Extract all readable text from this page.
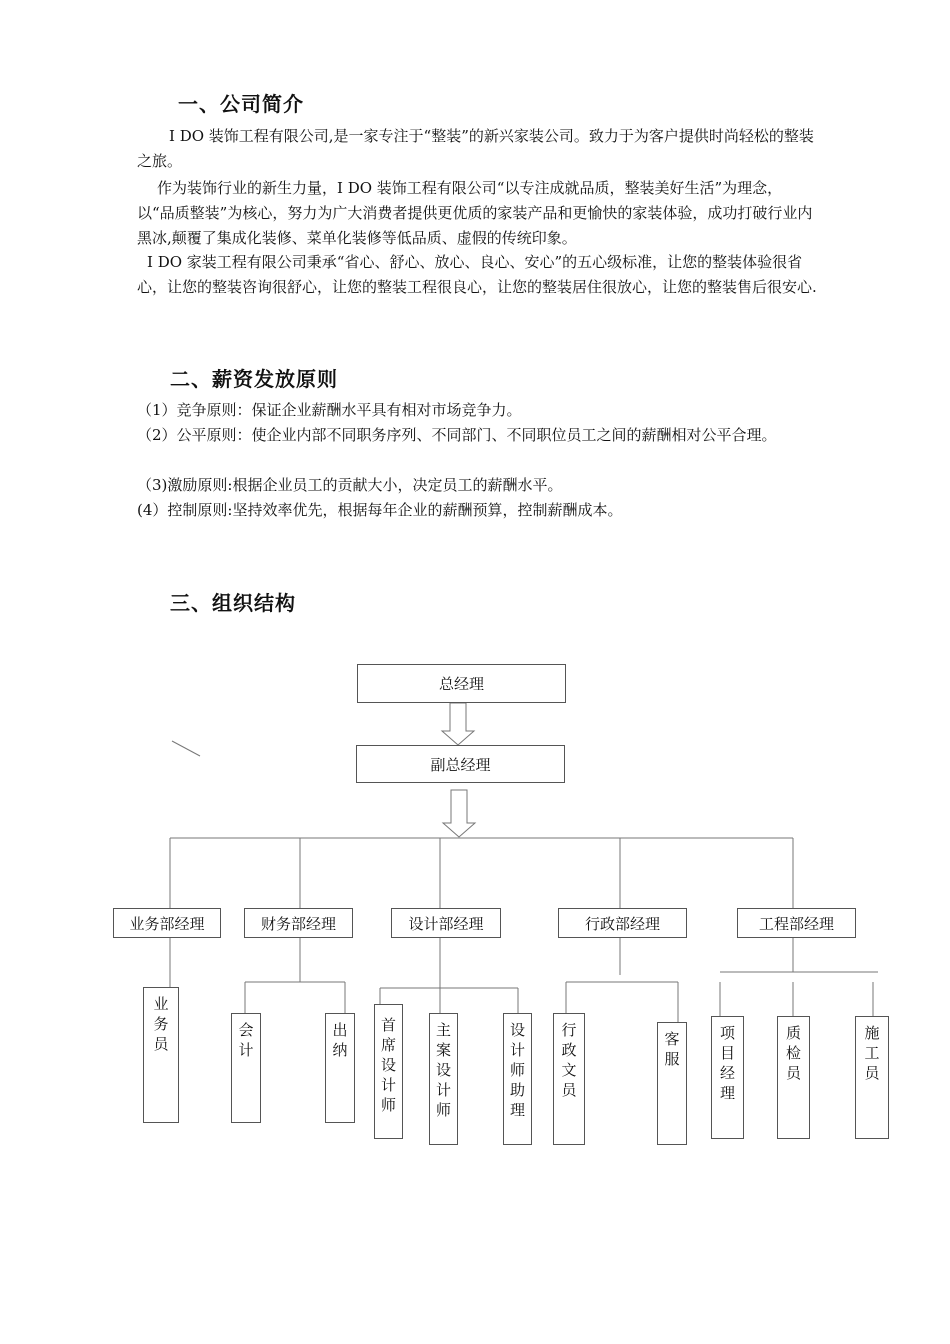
一、公司简介

I DO 装饰工程有限公司,是一家专注于“整装”的新兴家装公司。致力于为客户提供时尚轻松的整装之旅。

作为装饰行业的新生力量，I DO 装饰工程有限公司“以专注成就品质，整装美好生活”为理念，以“品质整装”为核心，努力为广大消费者提供更优质的家装产品和更愉快的家装体验，成功打破行业内黑冰,颠覆了集成化装修、菜单化装修等低品质、虚假的传统印象。

I DO 家装工程有限公司秉承“省心、舒心、放心、良心、安心”的五心级标准，让您的整装体验很省心，让您的整装咨询很舒心，让您的整装工程很良心，让您的整装居住很放心，让您的整装售后很安心.

二、薪资发放原则
（1）竞争原则：保证企业薪酬水平具有相对市场竞争力。

（2）公平原则：使企业内部不同职务序列、不同部门、不同职位员工之间的薪酬相对公平合理。

（3)激励原则:根据企业员工的贡献大小，决定员工的薪酬水平。
(4）控制原则:坚持效率优先，根据每年企业的薪酬预算，控制薪酬成本。
三、组织结构
总经理
副总经理
业务部经理	财务部经理	设计部经理	行政部经理	工程部经理
业务员
会计
出纳
首席设计师
主案设计师
设计师助理
行政文员
客服
项目经理
质检员
施工员
